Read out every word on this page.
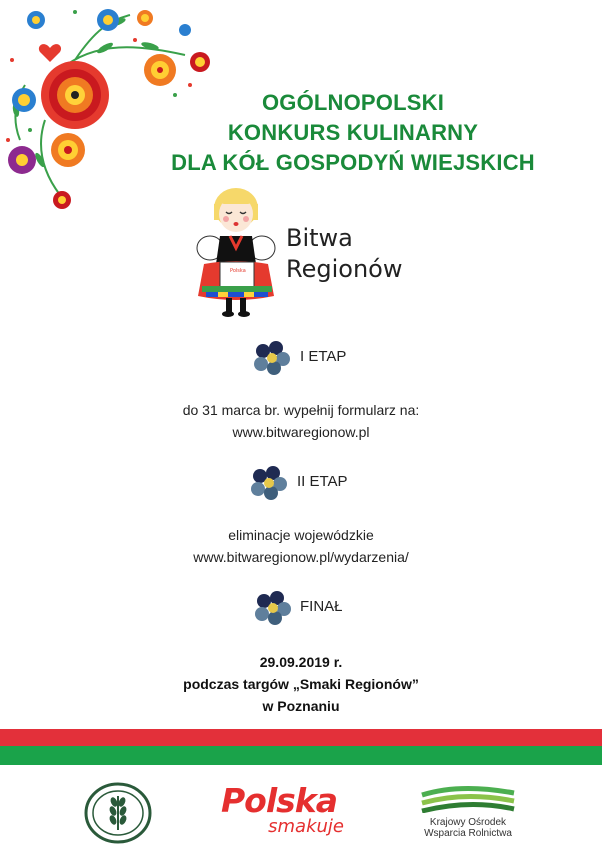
OGÓLNOPOLSKI
KONKURS KULINARNY
DLA KÓŁ GOSPODYŃ WIEJSKICH
Polska
Bitwa
Regionów
I ETAP
do 31 marca br. wypełnij formularz na:
www.bitwaregionow.pl
II ETAP
eliminacje wojewódzkie
www.bitwaregionow.pl/wydarzenia/
FINAŁ
29.09.2019 r.
podczas targów „Smaki Regionów”
w Poznaniu
Polska
smakuje	Krajowy Ośrodek
Wsparcia Rolnictwa
